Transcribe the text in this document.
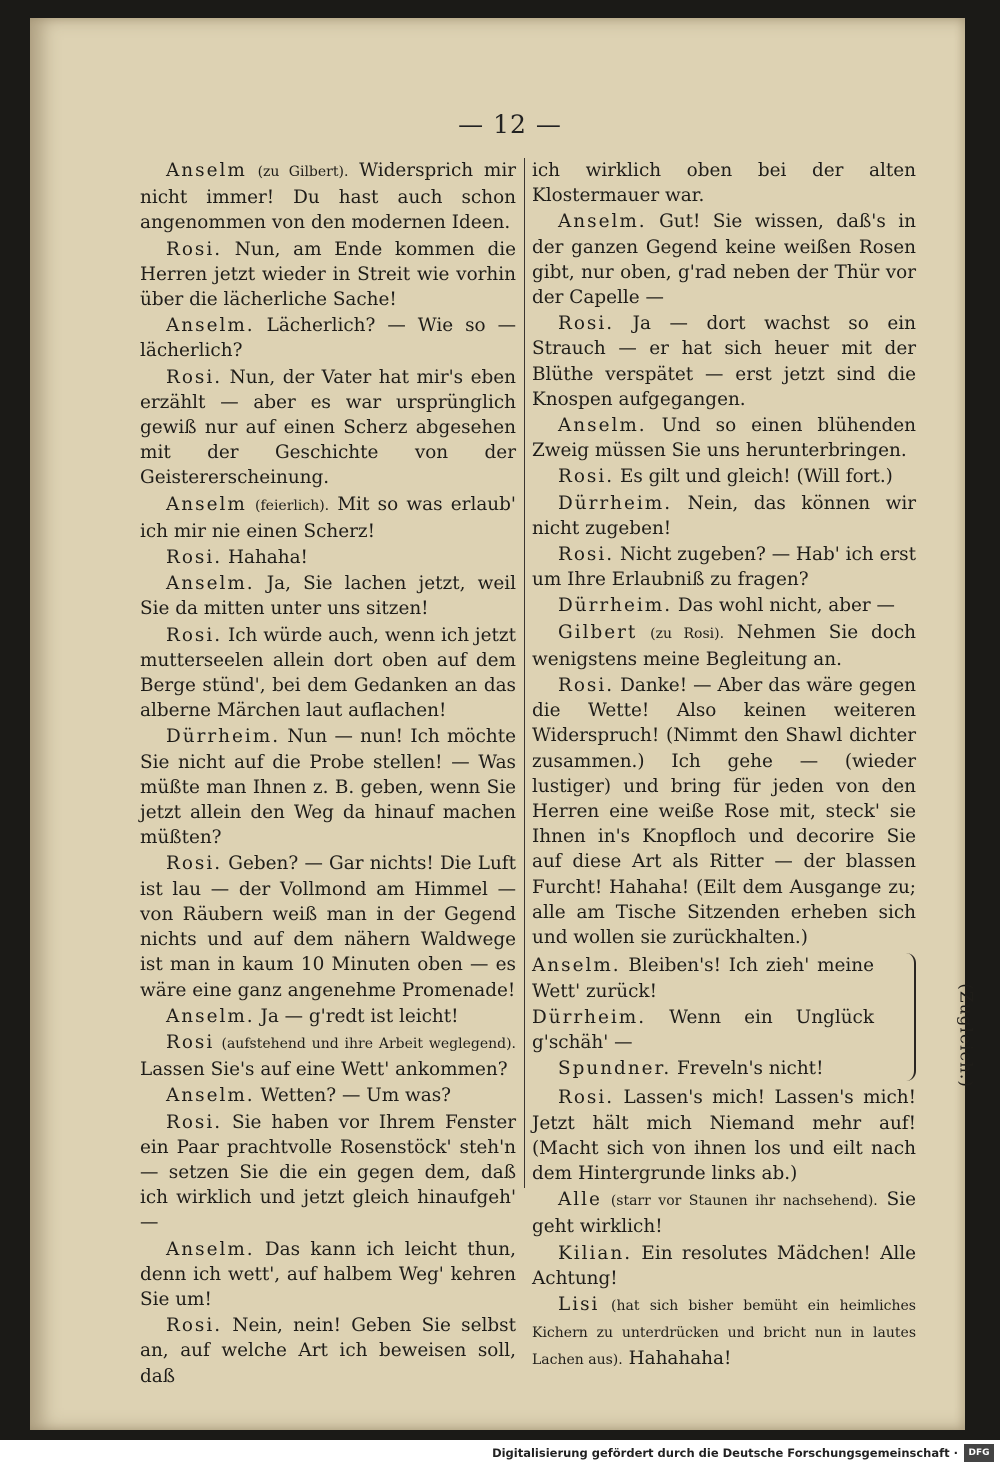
— 12 —

Anselm (zu Gilbert). Widersprich mir nicht immer! Du hast auch schon angenommen von den modernen Ideen.

Rosi. Nun, am Ende kommen die Herren jetzt wieder in Streit wie vorhin über die lächerliche Sache!

Anselm. Lächerlich? — Wie so — lächerlich?

Rosi. Nun, der Vater hat mir's eben erzählt — aber es war ursprünglich gewiß nur auf einen Scherz abgesehen mit der Geschichte von der Geistererscheinung.

Anselm (feierlich). Mit so was erlaub' ich mir nie einen Scherz!

Rosi. Hahaha!

Anselm. Ja, Sie lachen jetzt, weil Sie da mitten unter uns sitzen!

Rosi. Ich würde auch, wenn ich jetzt mutterseelen allein dort oben auf dem Berge stünd', bei dem Gedanken an das alberne Märchen laut auflachen!

Dürrheim. Nun — nun! Ich möchte Sie nicht auf die Probe stellen! — Was müßte man Ihnen z. B. geben, wenn Sie jetzt allein den Weg da hinauf machen müßten?

Rosi. Geben? — Gar nichts! Die Luft ist lau — der Vollmond am Himmel — von Räubern weiß man in der Gegend nichts und auf dem nähern Waldwege ist man in kaum 10 Minuten oben — es wäre eine ganz angenehme Promenade!

Anselm. Ja — g'redt ist leicht!

Rosi (aufstehend und ihre Arbeit weglegend). Lassen Sie's auf eine Wett' ankommen?

Anselm. Wetten? — Um was?

Rosi. Sie haben vor Ihrem Fenster ein Paar prachtvolle Rosenstöck' steh'n — setzen Sie die ein gegen dem, daß ich wirklich und jetzt gleich hinaufgeh' —

Anselm. Das kann ich leicht thun, denn ich wett', auf halbem Weg' kehren Sie um!

Rosi. Nein, nein! Geben Sie selbst an, auf welche Art ich beweisen soll, daß

ich wirklich oben bei der alten Klostermauer war.

Anselm. Gut! Sie wissen, daß's in der ganzen Gegend keine weißen Rosen gibt, nur oben, g'rad neben der Thür vor der Capelle —

Rosi. Ja — dort wachst so ein Strauch — er hat sich heuer mit der Blüthe verspätet — erst jetzt sind die Knospen aufgegangen.

Anselm. Und so einen blühenden Zweig müssen Sie uns herunterbringen.

Rosi. Es gilt und gleich! (Will fort.)

Dürrheim. Nein, das können wir nicht zugeben!

Rosi. Nicht zugeben? — Hab' ich erst um Ihre Erlaubniß zu fragen?

Dürrheim. Das wohl nicht, aber —

Gilbert (zu Rosi). Nehmen Sie doch wenigstens meine Begleitung an.

Rosi. Danke! — Aber das wäre gegen die Wette! Also keinen weiteren Widerspruch! (Nimmt den Shawl dichter zusammen.) Ich gehe — (wieder lustiger) und bring für jeden von den Herren eine weiße Rose mit, steck' sie Ihnen in's Knopfloch und decorire Sie auf diese Art als Ritter — der blassen Furcht! Hahaha! (Eilt dem Ausgange zu; alle am Tische Sitzenden erheben sich und wollen sie zurückhalten.)

Anselm. Bleiben's! Ich zieh' meine Wett' zurück!

Dürrheim. Wenn ein Unglück g'schäh' —

Spundner. Freveln's nicht!	(Zugleich.)

Rosi. Lassen's mich! Lassen's mich! Jetzt hält mich Niemand mehr auf! (Macht sich von ihnen los und eilt nach dem Hintergrunde links ab.)

Alle (starr vor Staunen ihr nachsehend). Sie geht wirklich!

Kilian. Ein resolutes Mädchen! Alle Achtung!

Lisi (hat sich bisher bemüht ein heimliches Kichern zu unterdrücken und bricht nun in lautes Lachen aus). Hahahaha!

Digitalisierung gefördert durch die Deutsche Forschungsgemeinschaft ·	DFG
